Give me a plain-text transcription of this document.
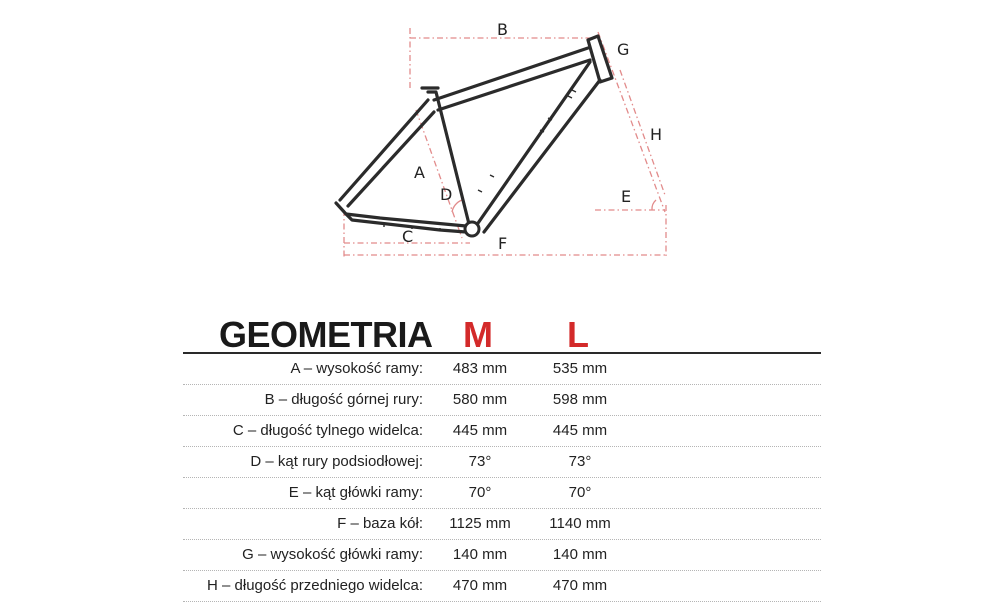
B
G
H
A
D	E
C	F
GEOMETRIA M L
A – wysokość ramy:	483 mm	535 mm
B – długość górnej rury:	580 mm	598 mm
C – długość tylnego widelca:	445 mm	445 mm
D – kąt rury podsiodłowej:	73°	73°
E – kąt główki ramy:	70°	70°
F – baza kół:	1125 mm	1140 mm
G – wysokość główki ramy:	140 mm	140 mm
H – długość przedniego widelca:	470 mm	470 mm
